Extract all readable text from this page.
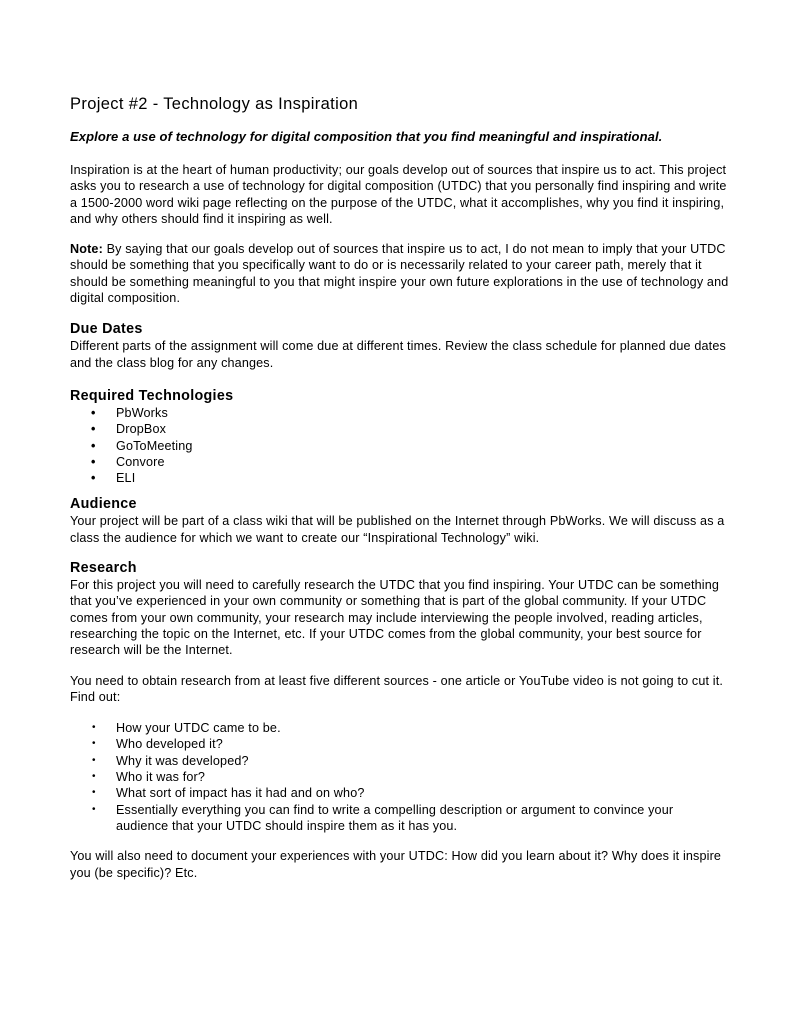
Project #2 - Technology as Inspiration

Explore a use of technology for digital composition that you find meaningful and inspirational.

Inspiration is at the heart of human productivity; our goals develop out of sources that inspire us to act. This project asks you to research a use of technology for digital composition (UTDC) that you personally find inspiring and write a 1500-2000 word wiki page reflecting on the purpose of the UTDC, what it accomplishes, why you find it inspiring, and why others should find it inspiring as well.

Note: By saying that our goals develop out of sources that inspire us to act, I do not mean to imply that your UTDC should be something that you specifically want to do or is necessarily related to your career path, merely that it should be something meaningful to you that might inspire your own future explorations in the use of technology and digital composition.

Due Dates

Different parts of the assignment will come due at different times. Review the class schedule for planned due dates and the class blog for any changes.

Required Technologies
• PbWorks
• DropBox
• GoToMeeting
• Convore
• ELI
Audience

Your project will be part of a class wiki that will be published on the Internet through PbWorks. We will discuss as a class the audience for which we want to create our “Inspirational Technology” wiki.

Research

For this project you will need to carefully research the UTDC that you find inspiring. Your UTDC can be something that you’ve experienced in your own community or something that is part of the global community. If your UTDC comes from your own community, your research may include interviewing the people involved, reading articles, researching the topic on the Internet, etc. If your UTDC comes from the global community, your best source for research will be the Internet.

You need to obtain research from at least five different sources - one article or YouTube video is not going to cut it. Find out:

• How your UTDC came to be.
• Who developed it?
• Why it was developed?
• Who it was for?
• What sort of impact has it had and on who?
• Essentially everything you can find to write a compelling description or argument to convince your audience that your UTDC should inspire them as it has you.

You will also need to document your experiences with your UTDC: How did you learn about it? Why does it inspire you (be specific)? Etc.
